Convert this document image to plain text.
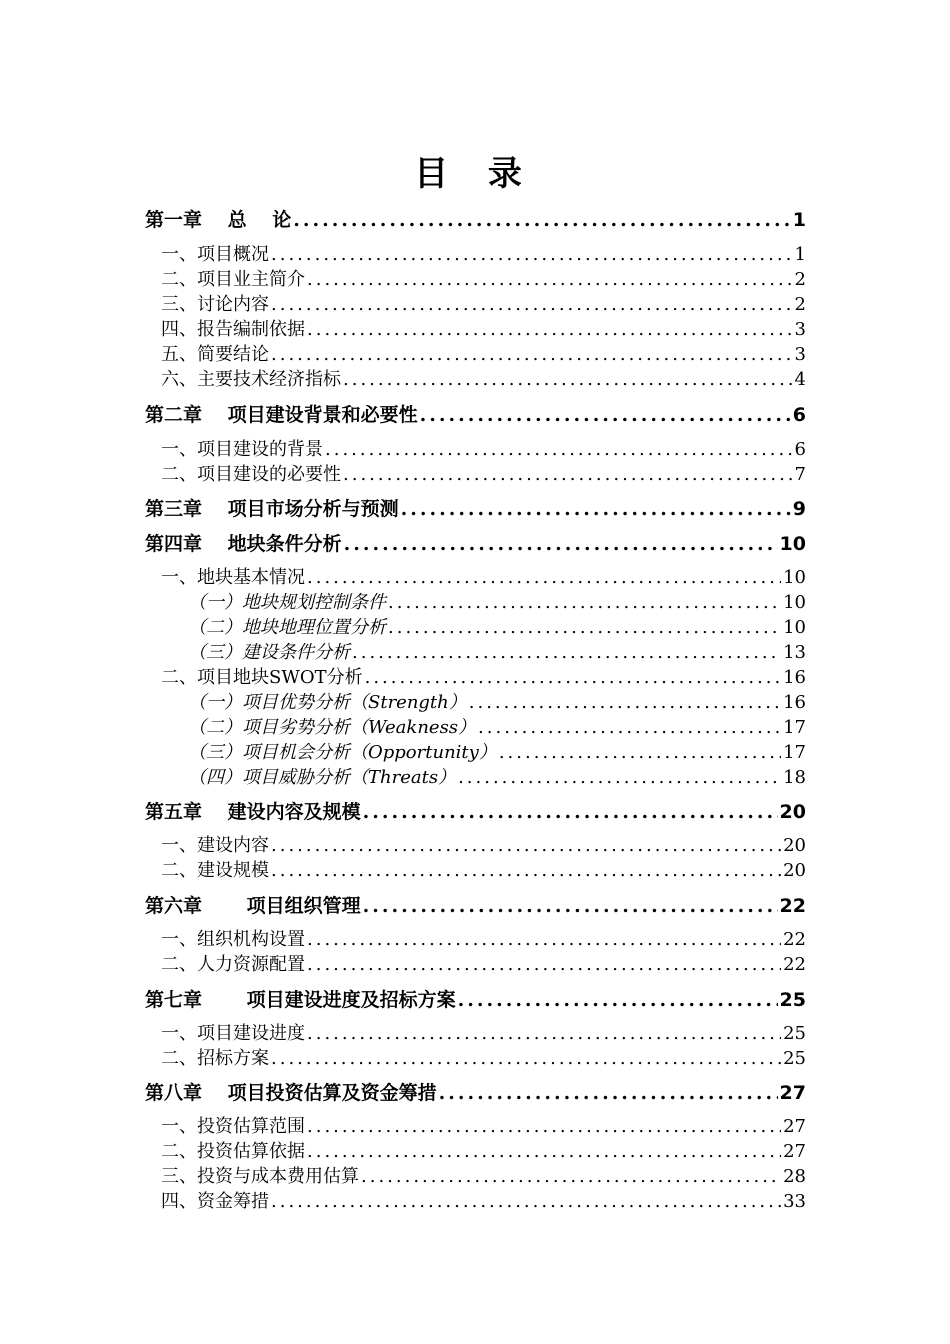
目 录
第一章　 总　 论 .....	1
一、项目概况 .....	1
二、项目业主简介 .....	2
三、讨论内容 .....	2
四、报告编制依据 .....	3
五、简要结论 .....	3
六、主要技术经济指标 .....	4
第二章　 项目建设背景和必要性 .....	6
一、项目建设的背景 .....	6
二、项目建设的必要性 .....	7
第三章　 项目市场分析与预测 .....	9
第四章　 地块条件分析 .....	10
一、地块基本情况 .....	10
（一）地块规划控制条件 .....	10
（二）地块地理位置分析 .....	10
（三）建设条件分析 .....	13
二、项目地块SWOT分析 .....	16
（一）项目优势分析（Strength） .....	16
（二）项目劣势分析（Weakness） .....	17
（三）项目机会分析（Opportunity） .....	17
（四）项目威胁分析（Threats） .....	18
第五章　 建设内容及规模 .....	20
一、建设内容 .....	20
二、建设规模 .....	20
第六章　　 项目组织管理 .....	22
一、组织机构设置 .....	22
二、人力资源配置 .....	22
第七章　　 项目建设进度及招标方案 .....	25
一、项目建设进度 .....	25
二、招标方案 .....	25
第八章　 项目投资估算及资金筹措 .....	27
一、投资估算范围 .....	27
二、投资估算依据 .....	27
三、投资与成本费用估算 .....	28
四、资金筹措 .....	33
